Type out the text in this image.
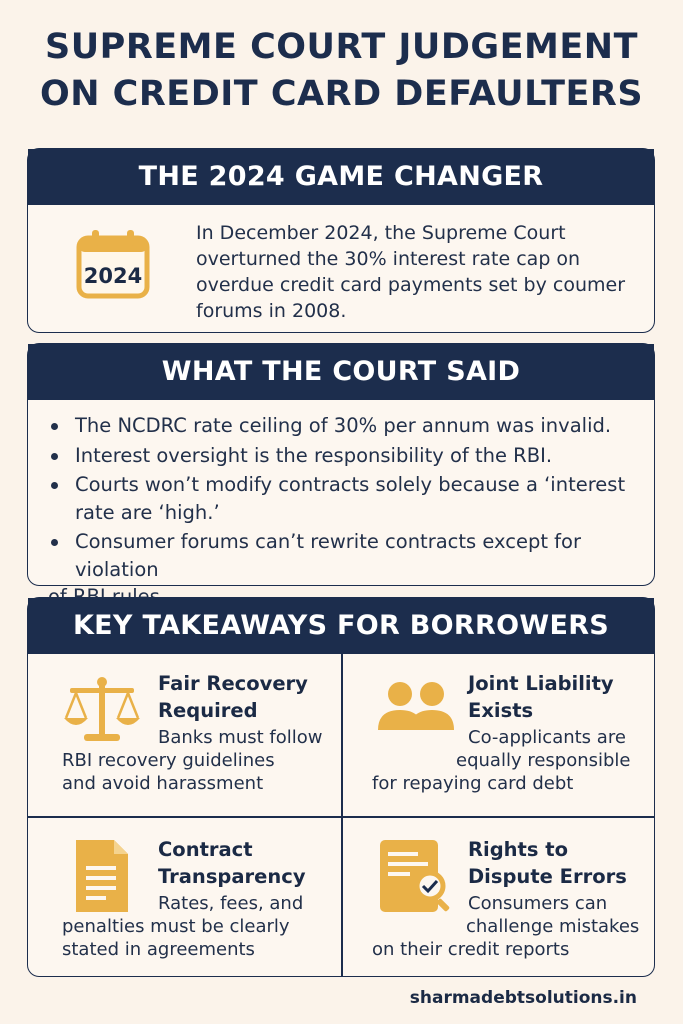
SUPREME COURT JUDGEMENT
ON CREDIT CARD DEFAULTERS
THE 2024 GAME CHANGER
2024
In December 2024, the Supreme Court
overturned the 30% interest rate cap on
overdue credit card payments set by coumer
forums in 2008.
WHAT THE COURT SAID
The NCDRC rate ceiling of 30% per annum was invalid.
Interest oversight is the responsibility of the RBI.
Courts won’t modify contracts solely because a ‘interest
rate are ‘high.’
Consumer forums can’t rewrite contracts except for violation
KEY TAKEAWAYS FOR BORROWERS
Fair Recovery
Required
Banks must follow
RBI recovery guidelines
and avoid harassment
Joint Liability
Exists
Co-applicants are
equally responsible
for repaying card debt
Contract
Transparency
Rates, fees, and
penalties must be clearly
stated in agreements
Rights to
Dispute Errors
Consumers can
challenge mistakes
on their credit reports
sharmadebtsolutions.in
